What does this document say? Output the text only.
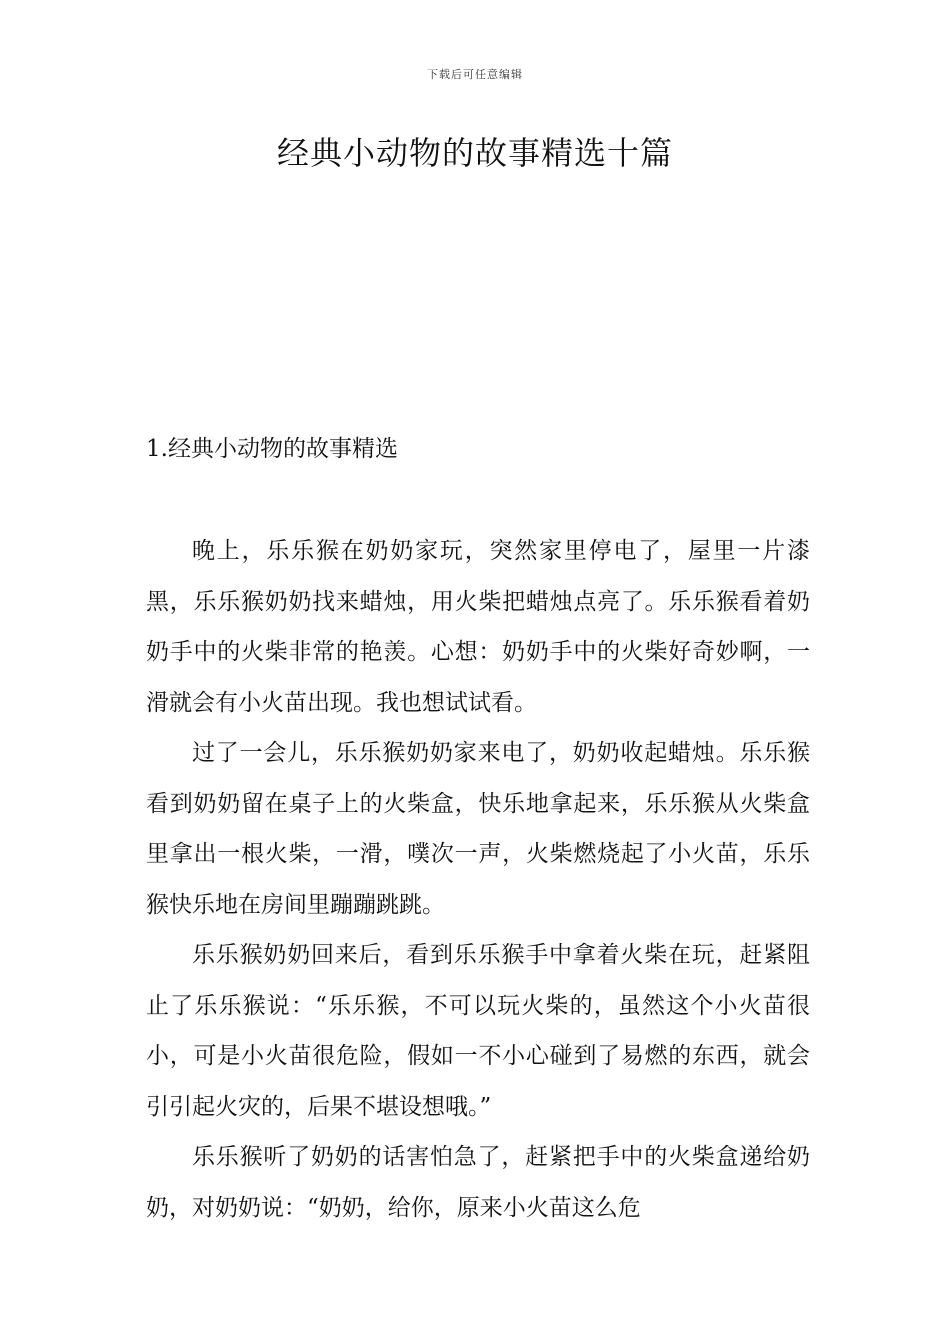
下载后可任意编辑
经典小动物的故事精选十篇
1.经典小动物的故事精选

晚上，乐乐猴在奶奶家玩，突然家里停电了，屋里一片漆黑，乐乐猴奶奶找来蜡烛，用火柴把蜡烛点亮了。乐乐猴看着奶奶手中的火柴非常的艳羡。心想：奶奶手中的火柴好奇妙啊，一滑就会有小火苗出现。我也想试试看。

过了一会儿，乐乐猴奶奶家来电了，奶奶收起蜡烛。乐乐猴看到奶奶留在桌子上的火柴盒，快乐地拿起来，乐乐猴从火柴盒里拿出一根火柴，一滑，噗次一声，火柴燃烧起了小火苗，乐乐猴快乐地在房间里蹦蹦跳跳。

乐乐猴奶奶回来后，看到乐乐猴手中拿着火柴在玩，赶紧阻止了乐乐猴说：“乐乐猴，不可以玩火柴的，虽然这个小火苗很小，可是小火苗很危险，假如一不小心碰到了易燃的东西，就会引引起火灾的，后果不堪设想哦。”

乐乐猴听了奶奶的话害怕急了，赶紧把手中的火柴盒递给奶奶，对奶奶说：“奶奶，给你，原来小火苗这么危
